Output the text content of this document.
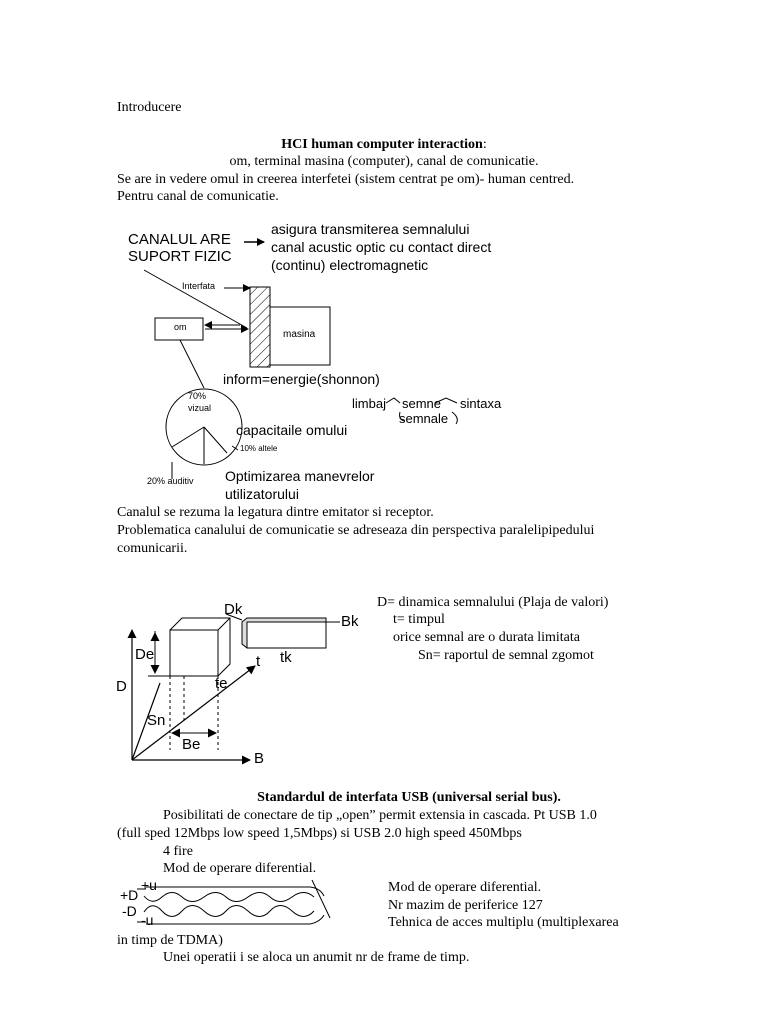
Introducere
HCI human computer interaction:
om, terminal masina (computer), canal de comunicatie.
Se are in vedere omul in creerea interfetei (sistem centrat pe om)- human centred.
Pentru canal de comunicatie.
CANALUL ARE
SUPORT FIZIC
asigura transmiterea semnalului
canal acustic optic cu contact direct
(continu) electromagnetic
Interfata
om
masina
inform=energie(shonnon)
70%
vizual
10% altele
20% auditiv
limbaj semne sintaxa
semnale
capacitaile omului
Optimizarea manevrelor
utilizatorului
Canalul se rezuma la legatura dintre emitator si receptor.
Problematica canalului de comunicatie se adreseaza din perspectiva paralelipipedului
comunicarii.
Dk
Bk
tk
t
De
D	te
Sn
Be
B
D= dinamica semnalului (Plaja de valori)
t= timpul
orice semnal are o durata limitata
Sn= raportul de semnal zgomot
Standardul de interfata USB (universal serial bus).
Posibilitati de conectare de tip „open” permit extensia in cascada. Pt USB 1.0
(full sped 12Mbps low speed 1,5Mbps) si USB 2.0 high speed 450Mbps
4 fire
Mod de operare diferential.
+u
+D
-D
-u
Mod de operare diferential.
Nr mazim de periferice 127
Tehnica de acces multiplu (multiplexarea
in timp de TDMA)
Unei operatii i se aloca un anumit nr de frame de timp.
